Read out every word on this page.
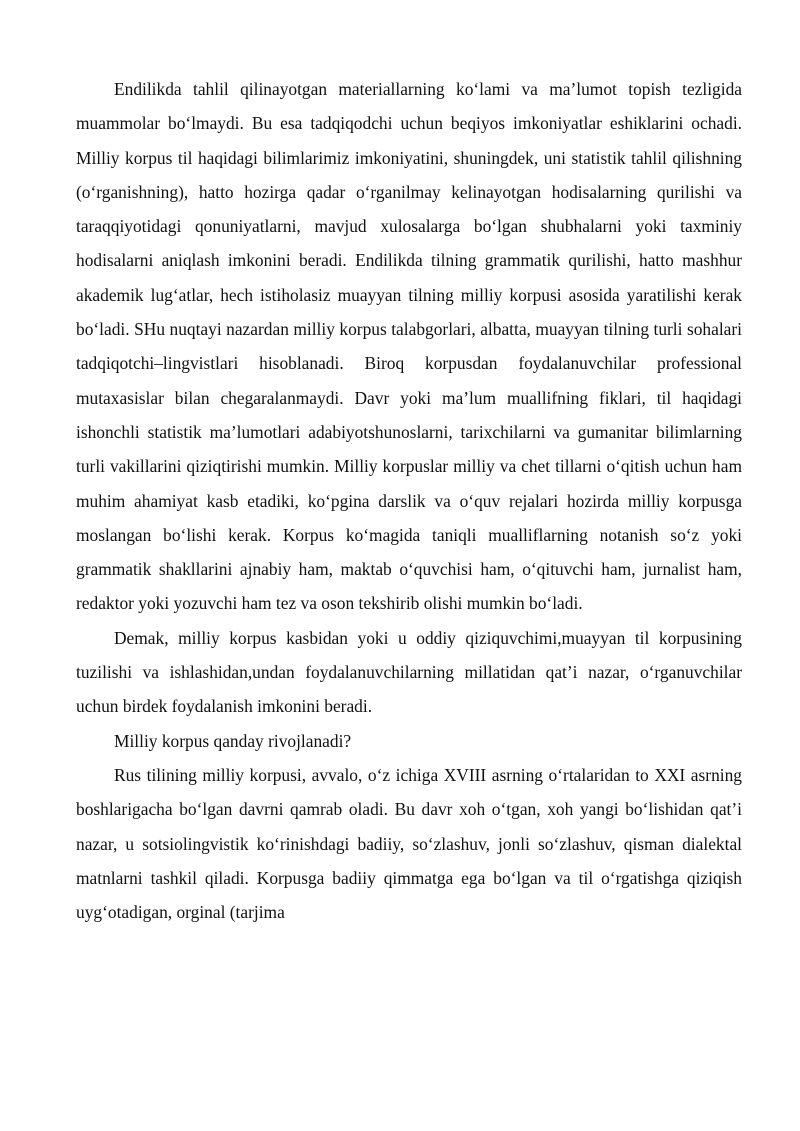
Endilikda tahlil qilinayotgan materiallarning ko‘lami va ma’lumot topish tezligida muammolar bo‘lmaydi. Bu esa tadqiqodchi uchun beqiyos imkoniyatlar eshiklarini ochadi. Milliy korpus til haqidagi bilimlarimiz imkoniyatini, shuningdek, uni statistik tahlil qilishning (o‘rganishning), hatto hozirga qadar o‘rganilmay kelinayotgan hodisalarning qurilishi va taraqqiyotidagi qonuniyatlarni, mavjud xulosalarga bo‘lgan shubhalarni yoki taxminiy hodisalarni aniqlash imkonini beradi. Endilikda tilning grammatik qurilishi, hatto mashhur akademik lug‘atlar, hech istiholasiz muayyan tilning milliy korpusi asosida yaratilishi kerak bo‘ladi. SHu nuqtayi nazardan milliy korpus talabgorlari, albatta, muayyan tilning turli sohalari tadqiqotchi–lingvistlari hisoblanadi. Biroq korpusdan foydalanuvchilar professional mutaxasislar bilan chegaralanmaydi. Davr yoki ma’lum muallifning fiklari, til haqidagi ishonchli statistik ma’lumotlari adabiyotshunoslarni, tarixchilarni va gumanitar bilimlarning turli vakillarini qiziqtirishi mumkin. Milliy korpuslar milliy va chet tillarni o‘qitish uchun ham muhim ahamiyat kasb etadiki, ko‘pgina darslik va o‘quv rejalari hozirda milliy korpusga moslangan bo‘lishi kerak. Korpus ko‘magida taniqli mualliflarning notanish so‘z yoki grammatik shakllarini ajnabiy ham, maktab o‘quvchisi ham, o‘qituvchi ham, jurnalist ham, redaktor yoki yozuvchi ham tez va oson tekshirib olishi mumkin bo‘ladi.

Demak, milliy korpus kasbidan yoki u oddiy qiziquvchimi,muayyan til korpusining tuzilishi va ishlashidan,undan foydalanuvchilarning millatidan qat’i nazar, o‘rganuvchilar uchun birdek foydalanish imkonini beradi.

Milliy korpus qanday rivojlanadi?

Rus tilining milliy korpusi, avvalo, o‘z ichiga XVIII asrning o‘rtalaridan to XXI asrning boshlarigacha bo‘lgan davrni qamrab oladi. Bu davr xoh o‘tgan, xoh yangi bo‘lishidan qat’i nazar, u sotsiolingvistik ko‘rinishdagi badiiy, so‘zlashuv, jonli so‘zlashuv, qisman dialektal matnlarni tashkil qiladi. Korpusga badiiy qimmatga ega bo‘lgan va til o‘rgatishga qiziqish uyg‘otadigan, orginal (tarjima
